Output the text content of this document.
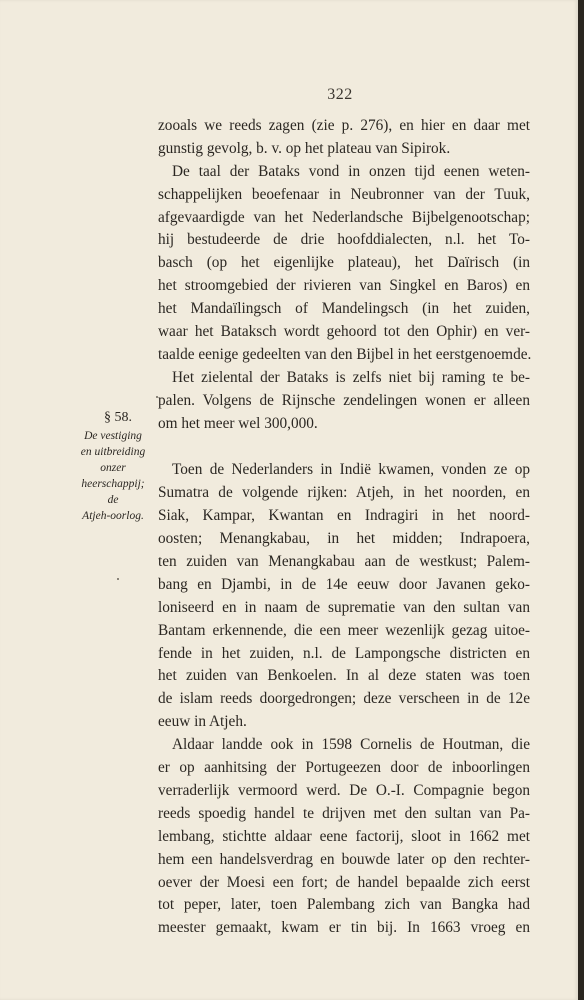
322
zooals we reeds zagen (zie p. 276), en hier en daar met
gunstig gevolg, b. v. op het plateau van Sipirok.
De taal der Bataks vond in onzen tijd eenen weten-
schappelijken beoefenaar in Neubronner van der Tuuk,
afgevaardigde van het Nederlandsche Bijbelgenootschap;
hij bestudeerde de drie hoofddialecten, n.l. het To-
basch (op het eigenlijke plateau), het Daïrisch (in
het stroomgebied der rivieren van Singkel en Baros) en
het Mandaïlingsch of Mandelingsch (in het zuiden,
waar het Bataksch wordt gehoord tot den Ophir) en ver-
taalde eenige gedeelten van den Bijbel in het eerstgenoemde.
Het zielental der Bataks is zelfs niet bij raming te be-
palen. Volgens de Rijnsche zendelingen wonen er alleen
om het meer wel 300,000.
Toen de Nederlanders in Indië kwamen, vonden ze op
Sumatra de volgende rijken: Atjeh, in het noorden, en
Siak, Kampar, Kwantan en Indragiri in het noord-
oosten; Menangkabau, in het midden; Indrapoera,
ten zuiden van Menangkabau aan de westkust; Palem-
bang en Djambi, in de 14e eeuw door Javanen geko-
loniseerd en in naam de suprematie van den sultan van
Bantam erkennende, die een meer wezenlijk gezag uitoe-
fende in het zuiden, n.l. de Lampongsche districten en
het zuiden van Benkoelen. In al deze staten was toen
de islam reeds doorgedrongen; deze verscheen in de 12e
eeuw in Atjeh.
Aldaar landde ook in 1598 Cornelis de Houtman, die
er op aanhitsing der Portugeezen door de inboorlingen
verraderlijk vermoord werd. De O.-I. Compagnie begon
reeds spoedig handel te drijven met den sultan van Pa-
lembang, stichtte aldaar eene factorij, sloot in 1662 met
hem een handelsverdrag en bouwde later op den rechter-
oever der Moesi een fort; de handel bepaalde zich eerst
tot peper, later, toen Palembang zich van Bangka had
meester gemaakt, kwam er tin bij. In 1663 vroeg en
§ 58.
De vestiging
en uitbreiding
onzer
heerschappij;
de
Atjeh-oorlog.
